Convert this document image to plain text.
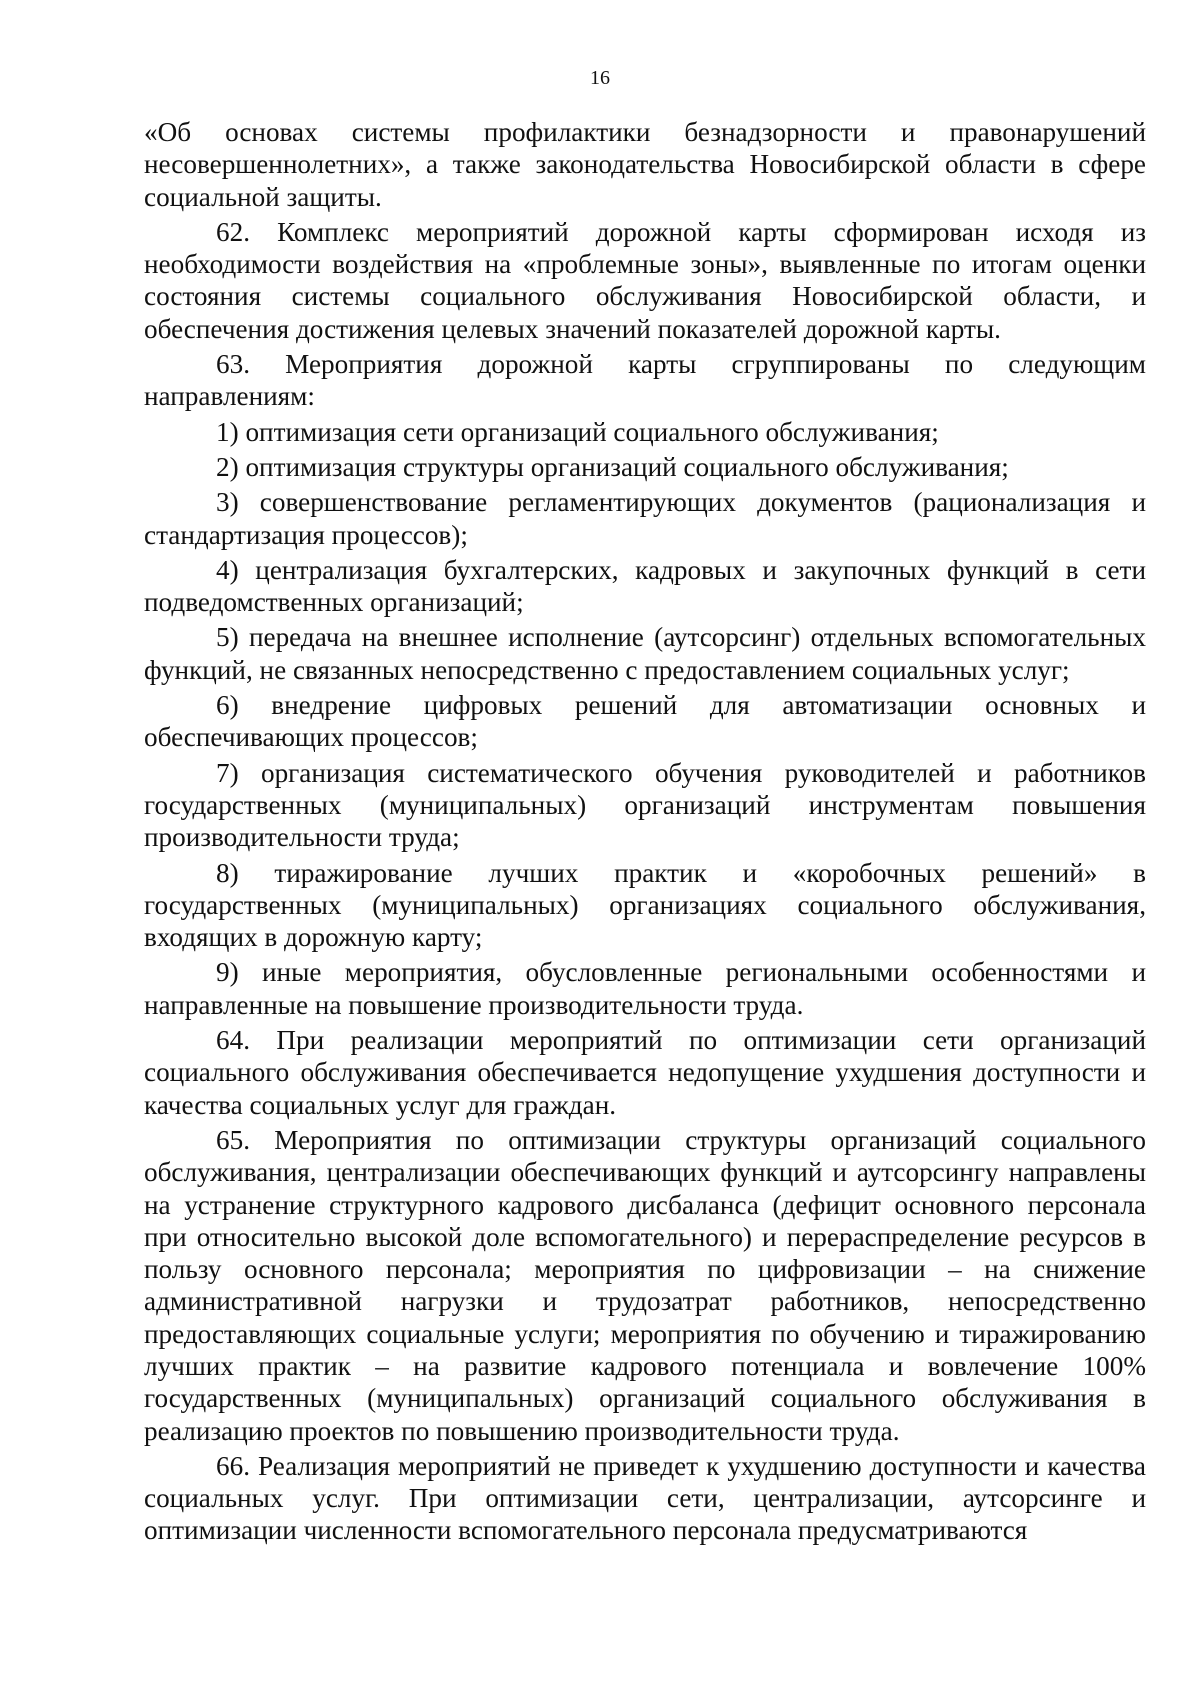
16

«Об основах системы профилактики безнадзорности и правонарушений несовершеннолетних», а также законодательства Новосибирской области в сфере социальной защиты.

62. Комплекс мероприятий дорожной карты сформирован исходя из необходимости воздействия на «проблемные зоны», выявленные по итогам оценки состояния системы социального обслуживания Новосибирской области, и обеспечения достижения целевых значений показателей дорожной карты.

63. Мероприятия дорожной карты сгруппированы по следующим направлениям:

1) оптимизация сети организаций социального обслуживания;

2) оптимизация структуры организаций социального обслуживания;

3) совершенствование регламентирующих документов (рационализация и стандартизация процессов);

4) централизация бухгалтерских, кадровых и закупочных функций в сети подведомственных организаций;

5) передача на внешнее исполнение (аутсорсинг) отдельных вспомогательных функций, не связанных непосредственно с предоставлением социальных услуг;

6) внедрение цифровых решений для автоматизации основных и обеспечивающих процессов;

7) организация систематического обучения руководителей и работников государственных (муниципальных) организаций инструментам повышения производительности труда;

8) тиражирование лучших практик и «коробочных решений» в государственных (муниципальных) организациях социального обслуживания, входящих в дорожную карту;

9) иные мероприятия, обусловленные региональными особенностями и направленные на повышение производительности труда.

64. При реализации мероприятий по оптимизации сети организаций социального обслуживания обеспечивается недопущение ухудшения доступности и качества социальных услуг для граждан.

65. Мероприятия по оптимизации структуры организаций социального обслуживания, централизации обеспечивающих функций и аутсорсингу направлены на устранение структурного кадрового дисбаланса (дефицит основного персонала при относительно высокой доле вспомогательного) и перераспределение ресурсов в пользу основного персонала; мероприятия по цифровизации – на снижение административной нагрузки и трудозатрат работников, непосредственно предоставляющих социальные услуги; мероприятия по обучению и тиражированию лучших практик – на развитие кадрового потенциала и вовлечение 100% государственных (муниципальных) организаций социального обслуживания в реализацию проектов по повышению производительности труда.

66. Реализация мероприятий не приведет к ухудшению доступности и качества социальных услуг. При оптимизации сети, централизации, аутсорсинге и оптимизации численности вспомогательного персонала предусматриваются
